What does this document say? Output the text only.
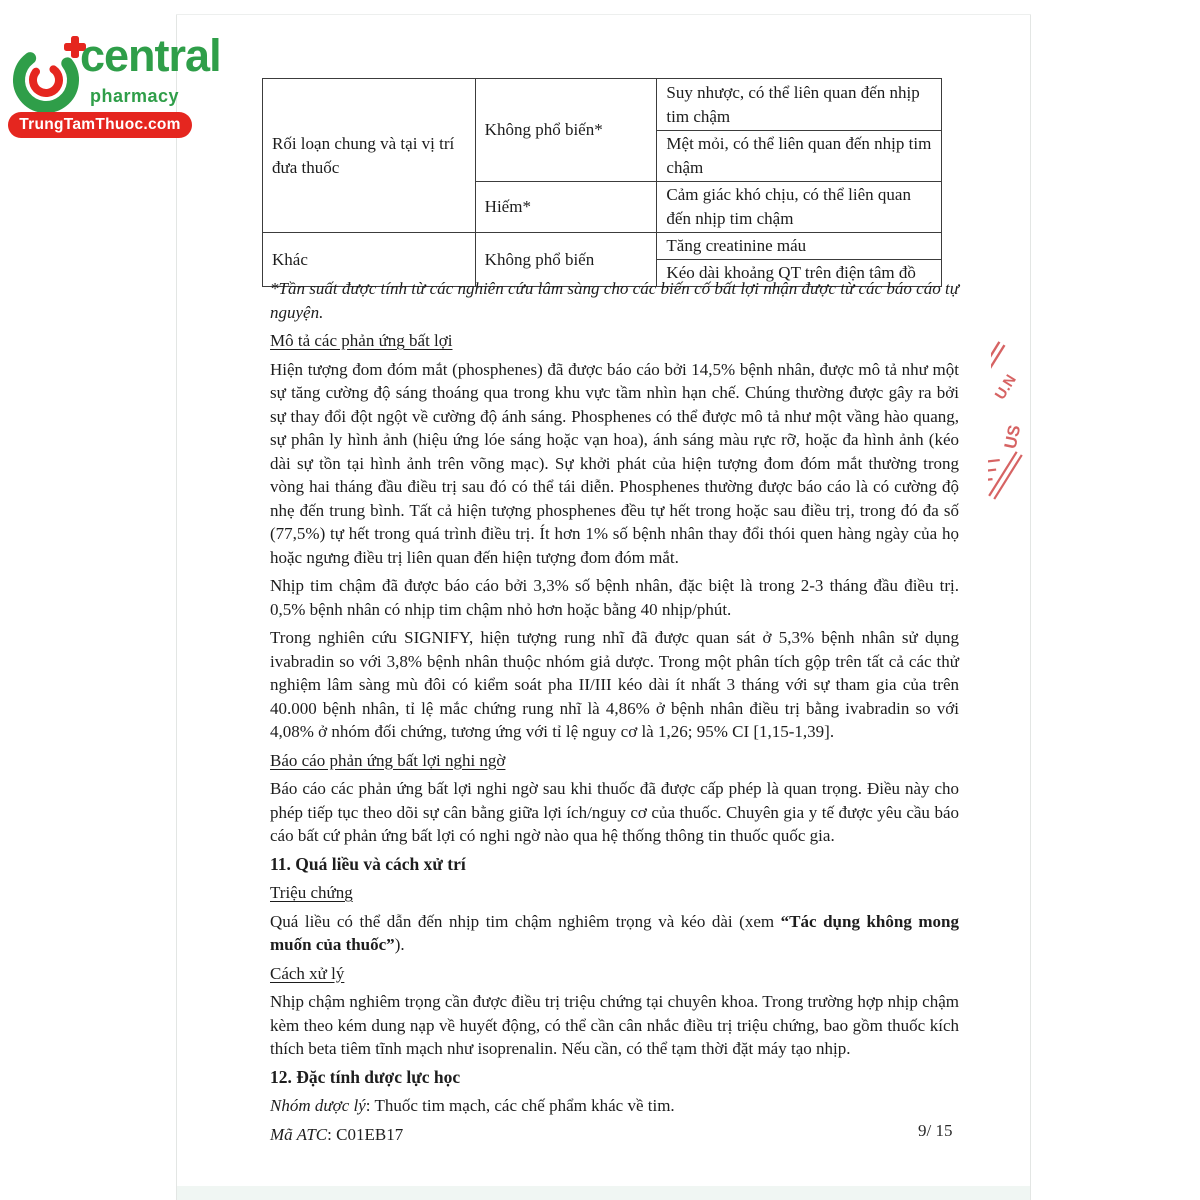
central
pharmacy
TrungTamThuoc.com
Rối loạn chung và tại vị trí đưa thuốc	Không phổ biến*	Suy nhược, có thể liên quan đến nhịp tim chậm
		Mệt mỏi, có thể liên quan đến nhịp tim chậm
	Hiếm*	Cảm giác khó chịu, có thể liên quan đến nhịp tim chậm
Khác	Không phổ biến	Tăng creatinine máu
		Kéo dài khoảng QT trên điện tâm đồ
U.N
US

*Tần suất được tính từ các nghiên cứu lâm sàng cho các biến cố bất lợi nhận được từ các báo cáo tự nguyện.

Mô tả các phản ứng bất lợi

Hiện tượng đom đóm mắt (phosphenes) đã được báo cáo bởi 14,5% bệnh nhân, được mô tả như một sự tăng cường độ sáng thoáng qua trong khu vực tầm nhìn hạn chế. Chúng thường được gây ra bởi sự thay đổi đột ngột về cường độ ánh sáng. Phosphenes có thể được mô tả như một vầng hào quang, sự phân ly hình ảnh (hiệu ứng lóe sáng hoặc vạn hoa), ánh sáng màu rực rỡ, hoặc đa hình ảnh (kéo dài sự tồn tại hình ảnh trên võng mạc). Sự khởi phát của hiện tượng đom đóm mắt thường trong vòng hai tháng đầu điều trị sau đó có thể tái diễn. Phosphenes thường được báo cáo là có cường độ nhẹ đến trung bình. Tất cả hiện tượng phosphenes đều tự hết trong hoặc sau điều trị, trong đó đa số (77,5%) tự hết trong quá trình điều trị. Ít hơn 1% số bệnh nhân thay đổi thói quen hàng ngày của họ hoặc ngưng điều trị liên quan đến hiện tượng đom đóm mắt.

Nhịp tim chậm đã được báo cáo bởi 3,3% số bệnh nhân, đặc biệt là trong 2-3 tháng đầu điều trị. 0,5% bệnh nhân có nhịp tim chậm nhỏ hơn hoặc bằng 40 nhịp/phút.

Trong nghiên cứu SIGNIFY, hiện tượng rung nhĩ đã được quan sát ở 5,3% bệnh nhân sử dụng ivabradin so với 3,8% bệnh nhân thuộc nhóm giả dược. Trong một phân tích gộp trên tất cả các thử nghiệm lâm sàng mù đôi có kiểm soát pha II/III kéo dài ít nhất 3 tháng với sự tham gia của trên 40.000 bệnh nhân, tỉ lệ mắc chứng rung nhĩ là 4,86% ở bệnh nhân điều trị bằng ivabradin so với 4,08% ở nhóm đối chứng, tương ứng với tỉ lệ nguy cơ là 1,26; 95% CI [1,15-1,39].

Báo cáo phản ứng bất lợi nghi ngờ

Báo cáo các phản ứng bất lợi nghi ngờ sau khi thuốc đã được cấp phép là quan trọng. Điều này cho phép tiếp tục theo dõi sự cân bằng giữa lợi ích/nguy cơ của thuốc. Chuyên gia y tế được yêu cầu báo cáo bất cứ phản ứng bất lợi có nghi ngờ nào qua hệ thống thông tin thuốc quốc gia.

11. Quá liều và cách xử trí

Triệu chứng

Quá liều có thể dẫn đến nhịp tim chậm nghiêm trọng và kéo dài (xem “Tác dụng không mong muốn của thuốc”).

Cách xử lý

Nhịp chậm nghiêm trọng cần được điều trị triệu chứng tại chuyên khoa. Trong trường hợp nhịp chậm kèm theo kém dung nạp về huyết động, có thể cần cân nhắc điều trị triệu chứng, bao gồm thuốc kích thích beta tiêm tĩnh mạch như isoprenalin. Nếu cần, có thể tạm thời đặt máy tạo nhịp.

12. Đặc tính dược lực học

Nhóm dược lý: Thuốc tim mạch, các chế phẩm khác về tim.

Mã ATC: C01EB17	9/ 15
